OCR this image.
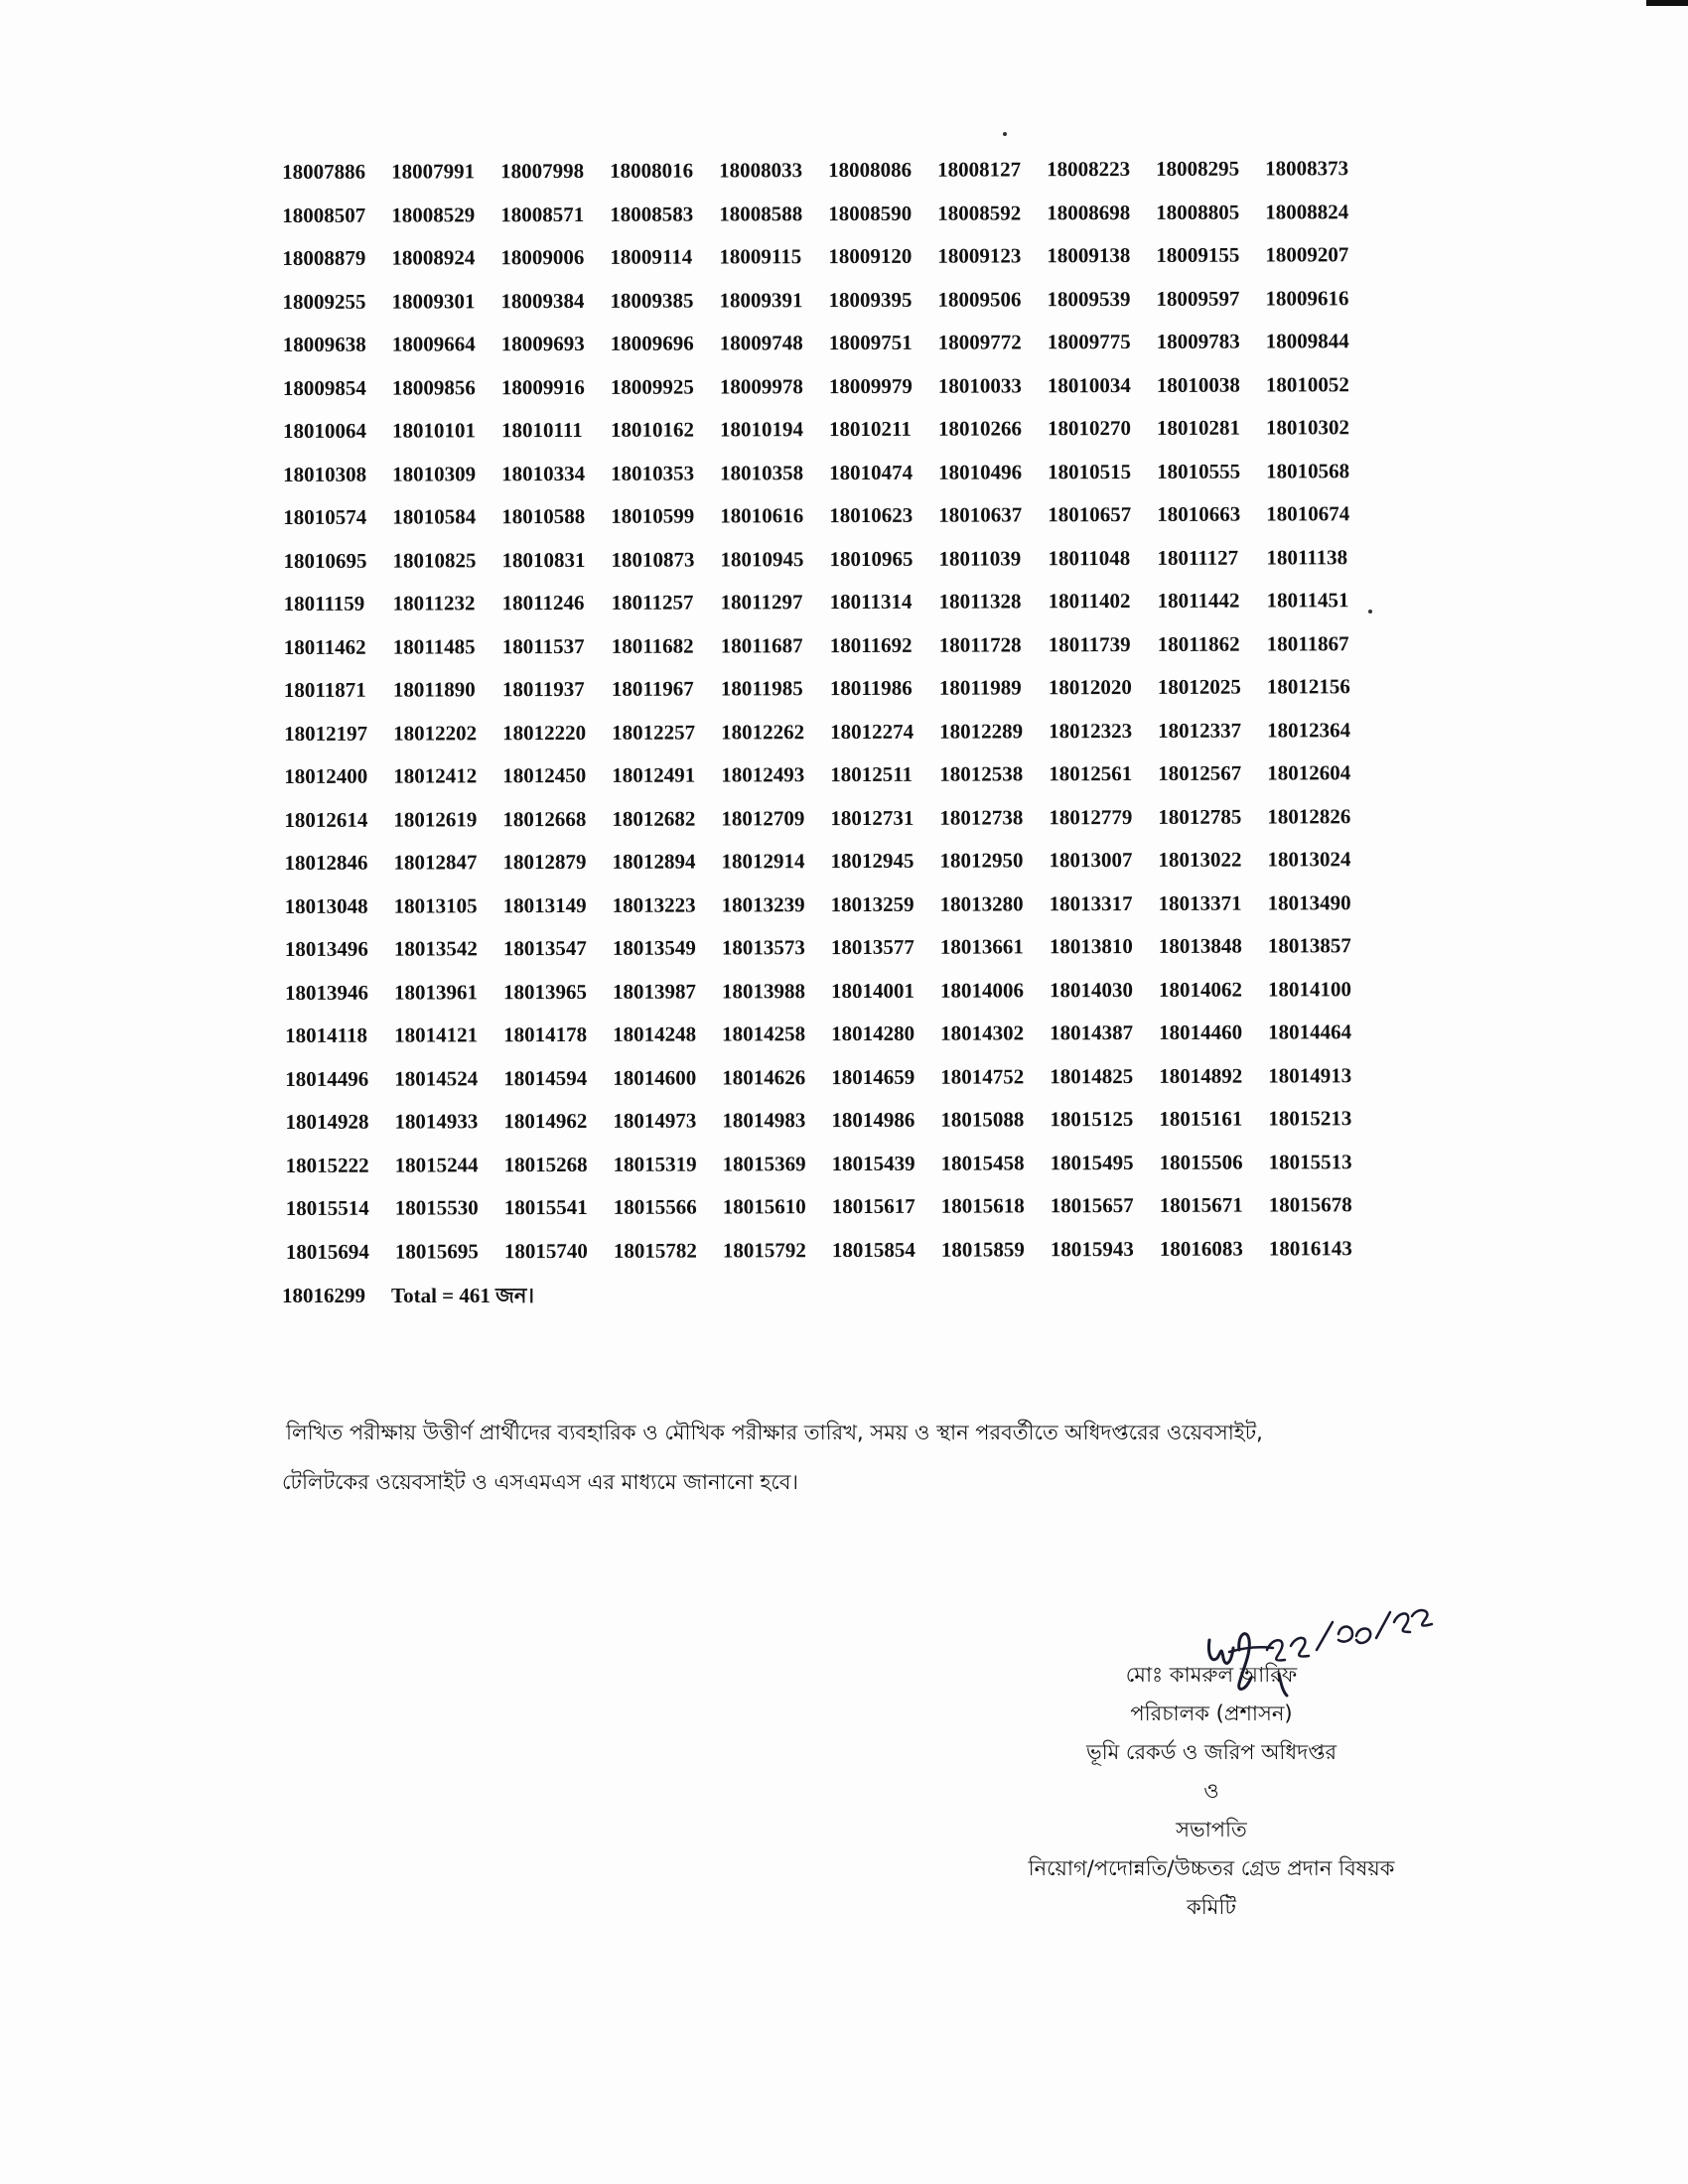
18007886	18007991	18007998	18008016	18008033	18008086	18008127	18008223	18008295	18008373
18008507	18008529	18008571	18008583	18008588	18008590	18008592	18008698	18008805	18008824
18008879	18008924	18009006	18009114	18009115	18009120	18009123	18009138	18009155	18009207
18009255	18009301	18009384	18009385	18009391	18009395	18009506	18009539	18009597	18009616
18009638	18009664	18009693	18009696	18009748	18009751	18009772	18009775	18009783	18009844
18009854	18009856	18009916	18009925	18009978	18009979	18010033	18010034	18010038	18010052
18010064	18010101	18010111	18010162	18010194	18010211	18010266	18010270	18010281	18010302
18010308	18010309	18010334	18010353	18010358	18010474	18010496	18010515	18010555	18010568
18010574	18010584	18010588	18010599	18010616	18010623	18010637	18010657	18010663	18010674
18010695	18010825	18010831	18010873	18010945	18010965	18011039	18011048	18011127	18011138
18011159	18011232	18011246	18011257	18011297	18011314	18011328	18011402	18011442	18011451
18011462	18011485	18011537	18011682	18011687	18011692	18011728	18011739	18011862	18011867
18011871	18011890	18011937	18011967	18011985	18011986	18011989	18012020	18012025	18012156
18012197	18012202	18012220	18012257	18012262	18012274	18012289	18012323	18012337	18012364
18012400	18012412	18012450	18012491	18012493	18012511	18012538	18012561	18012567	18012604
18012614	18012619	18012668	18012682	18012709	18012731	18012738	18012779	18012785	18012826
18012846	18012847	18012879	18012894	18012914	18012945	18012950	18013007	18013022	18013024
18013048	18013105	18013149	18013223	18013239	18013259	18013280	18013317	18013371	18013490
18013496	18013542	18013547	18013549	18013573	18013577	18013661	18013810	18013848	18013857
18013946	18013961	18013965	18013987	18013988	18014001	18014006	18014030	18014062	18014100
18014118	18014121	18014178	18014248	18014258	18014280	18014302	18014387	18014460	18014464
18014496	18014524	18014594	18014600	18014626	18014659	18014752	18014825	18014892	18014913
18014928	18014933	18014962	18014973	18014983	18014986	18015088	18015125	18015161	18015213
18015222	18015244	18015268	18015319	18015369	18015439	18015458	18015495	18015506	18015513
18015514	18015530	18015541	18015566	18015610	18015617	18015618	18015657	18015671	18015678
18015694	18015695	18015740	18015782	18015792	18015854	18015859	18015943	18016083	18016143
18016299 Total = 461 জন।

লিখিত পরীক্ষায় উত্তীর্ণ প্রার্থীদের ব্যবহারিক ও মৌখিক পরীক্ষার তারিখ, সময় ও স্থান পরবর্তীতে অধিদপ্তরের ওয়েবসাইট,

টেলিটকের ওয়েবসাইট ও এসএমএস এর মাধ্যমে জানানো হবে।

মোঃ কামরুল আরিফ
পরিচালক (প্রশাসন)
ভূমি রেকর্ড ও জরিপ অধিদপ্তর
ও
সভাপতি
নিয়োগ/পদোন্নতি/উচ্চতর গ্রেড প্রদান বিষয়ক
কমিটি
